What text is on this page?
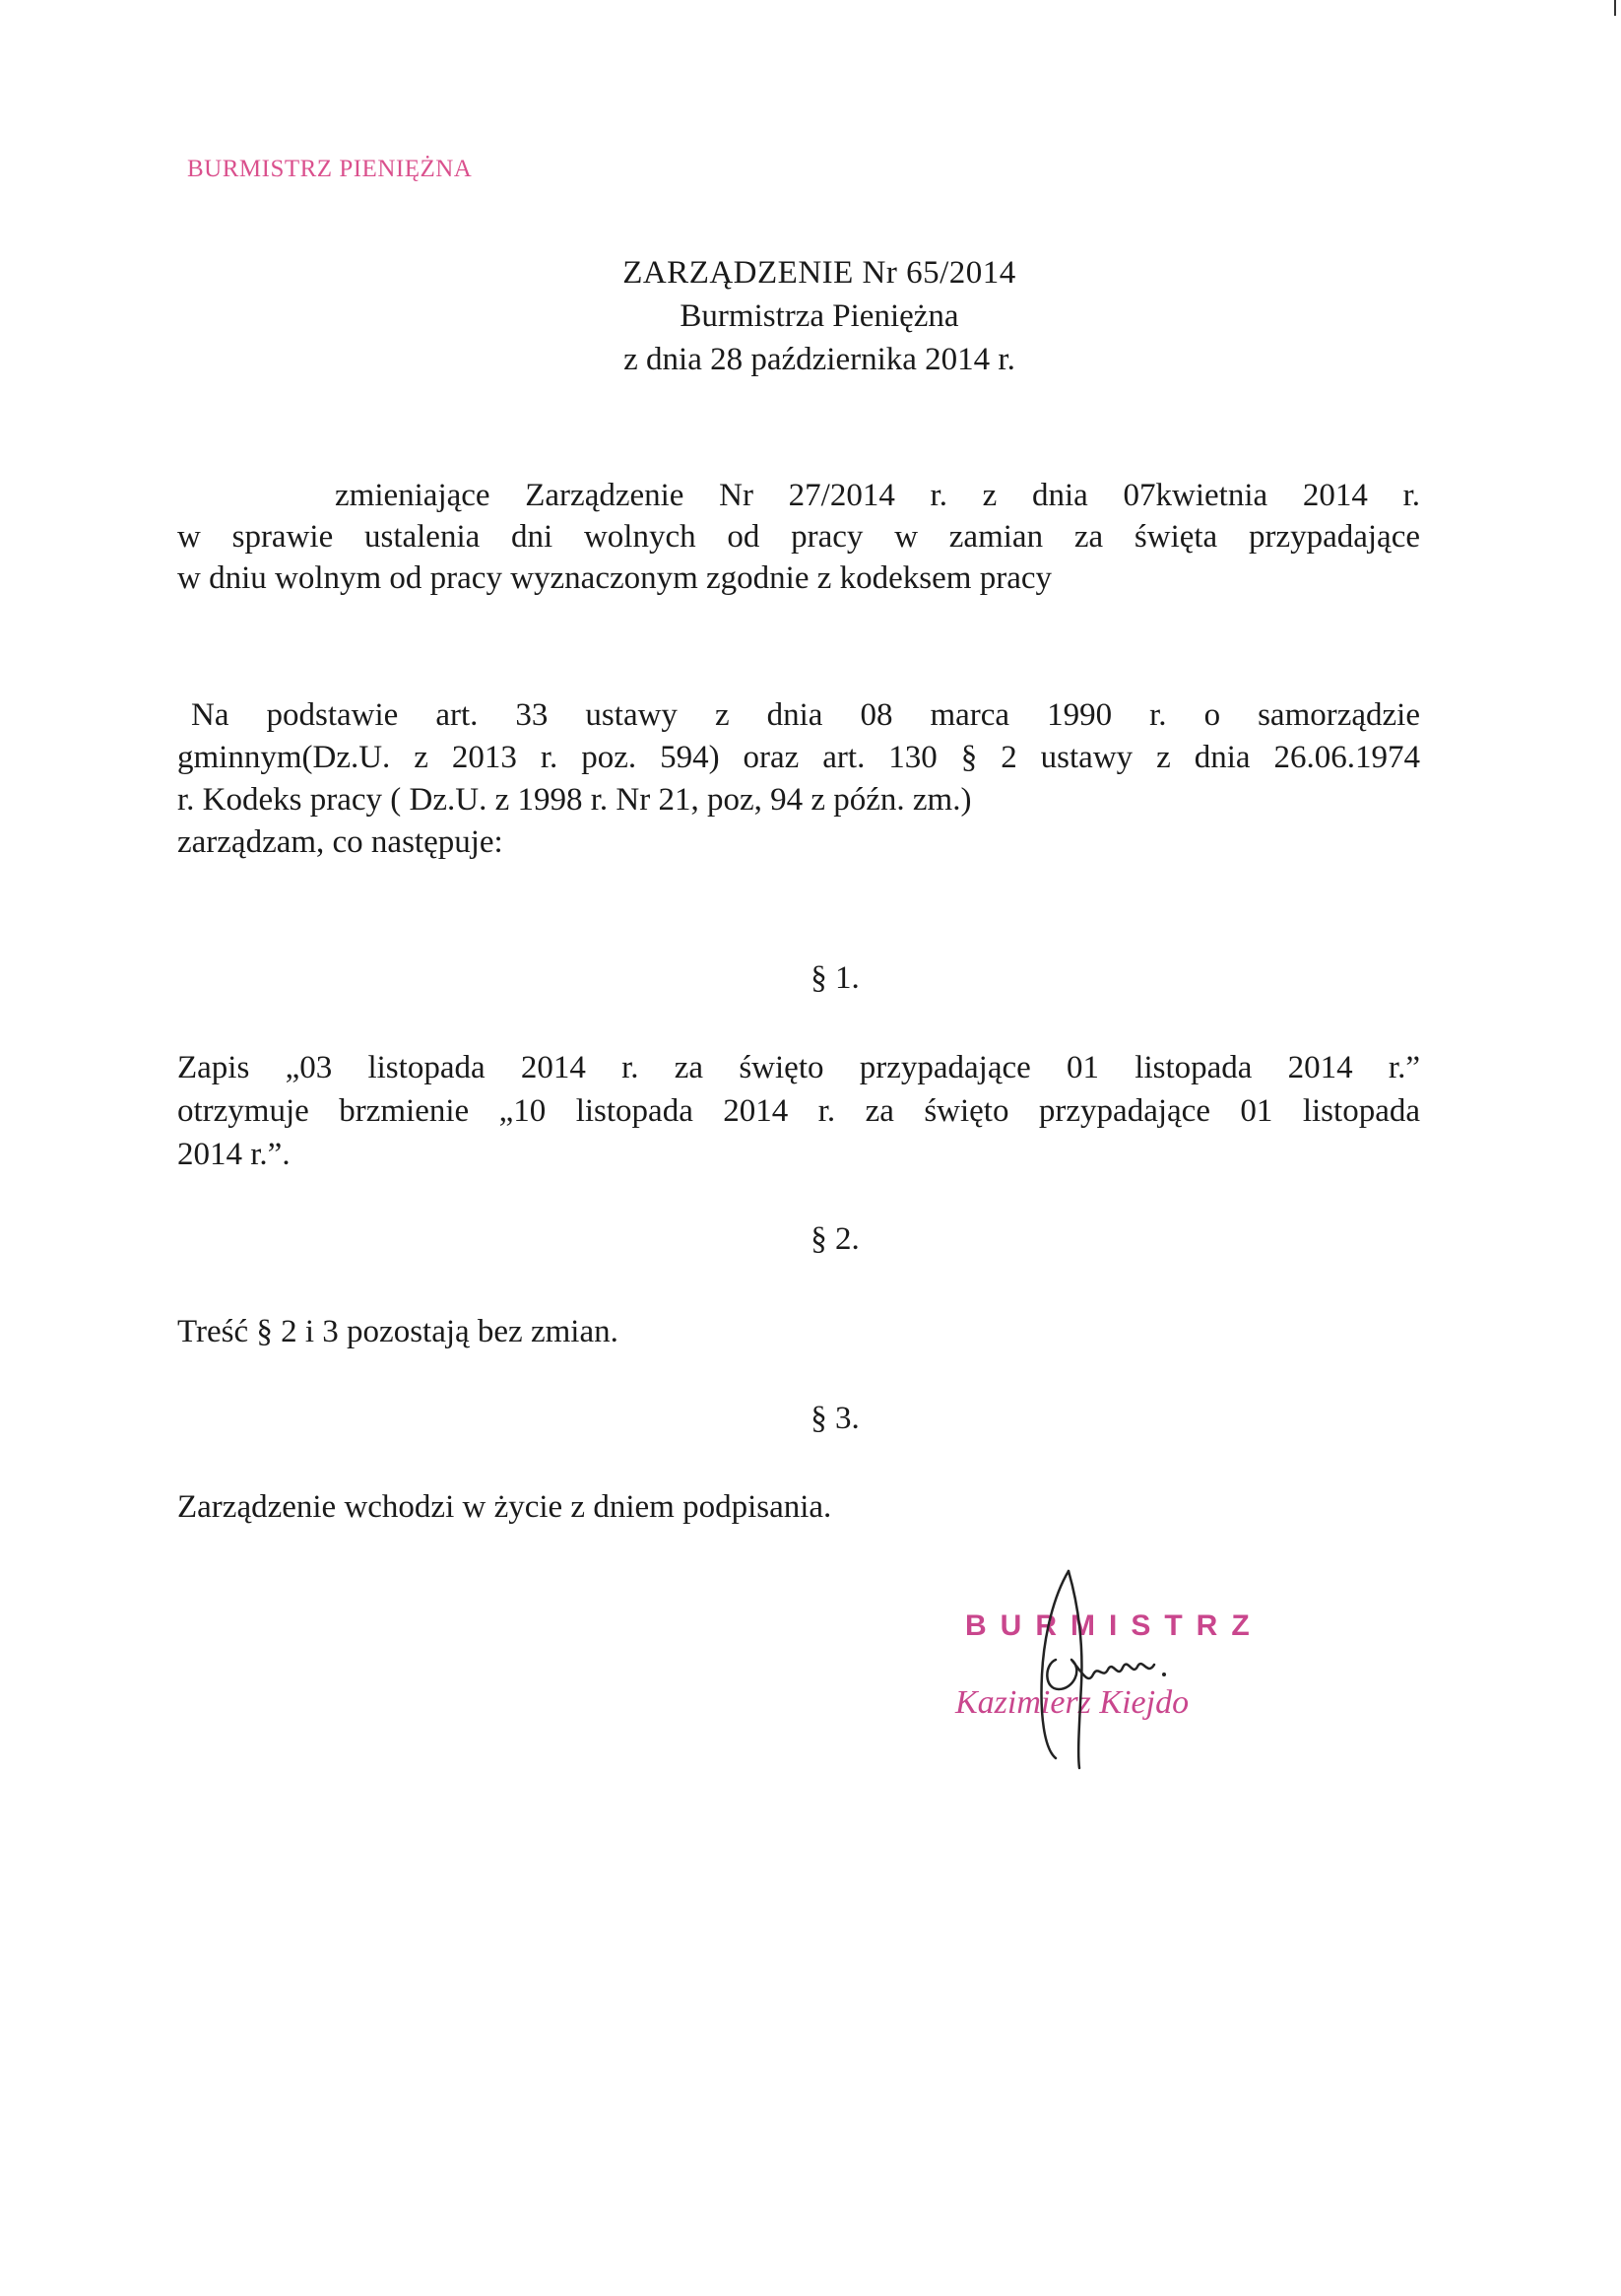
BURMISTRZ PIENIĘŻNA
ZARZĄDZENIE Nr 65/2014
Burmistrza Pieniężna
z dnia 28 października 2014 r.
zmieniające Zarządzenie Nr 27/2014 r. z dnia 07kwietnia 2014 r.
w sprawie ustalenia dni wolnych od pracy w zamian za święta przypadające
w dniu wolnym od pracy wyznaczonym zgodnie z kodeksem pracy
Na podstawie art. 33 ustawy z dnia 08 marca 1990 r. o samorządzie
gminnym(Dz.U. z 2013 r. poz. 594) oraz art. 130 § 2 ustawy z dnia 26.06.1974
r. Kodeks pracy ( Dz.U. z 1998 r. Nr 21, poz, 94 z późn. zm.)
zarządzam, co następuje:
§ 1.
Zapis „03 listopada 2014 r. za święto przypadające 01 listopada 2014 r.”
otrzymuje brzmienie „10 listopada 2014 r. za święto przypadające 01 listopada
2014 r.”.
§ 2.
Treść § 2 i 3 pozostają bez zmian.
§ 3.
Zarządzenie wchodzi w życie z dniem podpisania.
BURMISTRZ
Kazimierz Kiejdo
